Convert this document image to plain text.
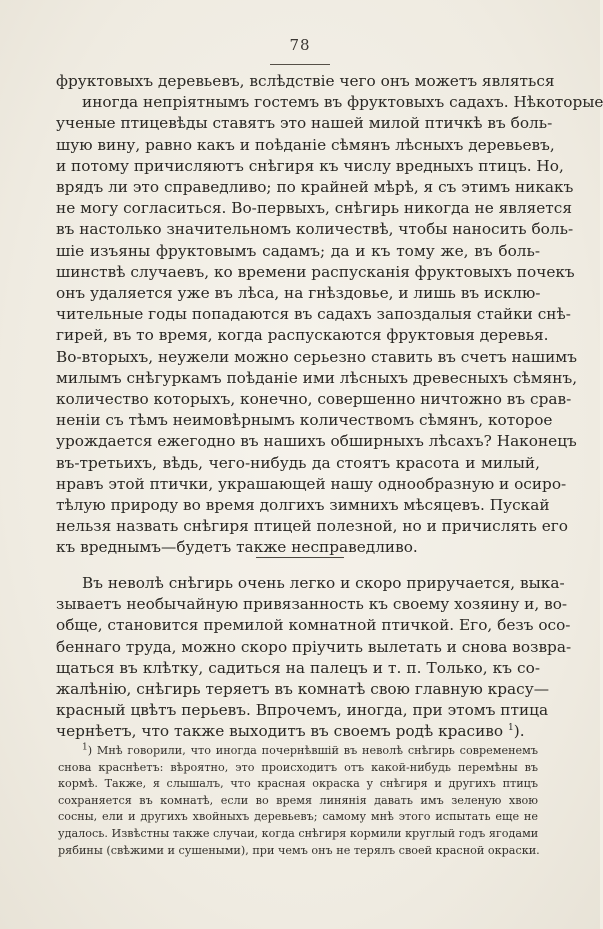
78
фруктовыхъ деревьевъ, вслѣдствіе чего онъ можетъ являться
иногда непріятнымъ гостемъ въ фруктовыхъ садахъ. Нѣкоторые
ученые птицевѣды ставятъ это нашей милой птичкѣ въ боль-
шую вину, равно какъ и поѣданіе сѣмянъ лѣсныхъ деревьевъ,
и потому причисляютъ снѣгиря къ числу вредныхъ птицъ. Но,
врядъ ли это справедливо; по крайней мѣрѣ, я съ этимъ никакъ
не могу согласиться. Во-первыхъ, снѣгирь никогда не является
въ настолько значительномъ количествѣ, чтобы наносить боль-
шіе изъяны фруктовымъ садамъ; да и къ тому же, въ боль-
шинствѣ случаевъ, ко времени распусканія фруктовыхъ почекъ
онъ удаляется уже въ лѣса, на гнѣздовье, и лишь въ исклю-
чительные годы попадаются въ садахъ запоздалыя стайки снѣ-
гирей, въ то время, когда распускаются фруктовыя деревья.
Во-вторыхъ, неужели можно серьезно ставить въ счетъ нашимъ
милымъ снѣгуркамъ поѣданіе ими лѣсныхъ древесныхъ сѣмянъ,
количество которыхъ, конечно, совершенно ничтожно въ срав-
неніи съ тѣмъ неимовѣрнымъ количествомъ сѣмянъ, которое
урождается ежегодно въ нашихъ обширныхъ лѣсахъ? Наконецъ
въ-третьихъ, вѣдь, чего-нибудь да стоятъ красота и милый,
нравъ этой птички, украшающей нашу однообразную и осиро-
тѣлую природу во время долгихъ зимнихъ мѣсяцевъ. Пускай
нельзя назвать снѣгиря птицей полезной, но и причислять его
къ вреднымъ—будетъ также несправедливо.
Въ неволѣ снѣгирь очень легко и скоро приручается, выка-
зываетъ необычайную привязанность къ своему хозяину и, во-
обще, становится премилой комнатной птичкой. Его, безъ осо-
беннаго труда, можно скоро пріучить вылетать и снова возвра-
щаться въ клѣтку, садиться на палецъ и т. п. Только, къ со-
жалѣнію, снѣгирь теряетъ въ комнатѣ свою главную красу—
красный цвѣтъ перьевъ. Впрочемъ, иногда, при этомъ птица
чернѣетъ, что также выходитъ въ своемъ родѣ красиво $^1$).
$^1$) Мнѣ говорили, что иногда почернѣвшій въ неволѣ снѣгирь современемъ
снова краснѣетъ: вѣроятно, это происходитъ отъ какой-нибудь перемѣны въ
кормѣ. Также, я слышалъ, что красная окраска у снѣгиря и другихъ птицъ
сохраняется въ комнатѣ, если во время линянія давать имъ зеленую хвою
сосны, ели и другихъ хвойныхъ деревьевъ; самому мнѣ этого испытать еще не
удалось. Извѣстны также случаи, когда снѣгиря кормили круглый годъ ягодами
рябины (свѣжими и сушеными), при чемъ онъ не терялъ своей красной окраски.
